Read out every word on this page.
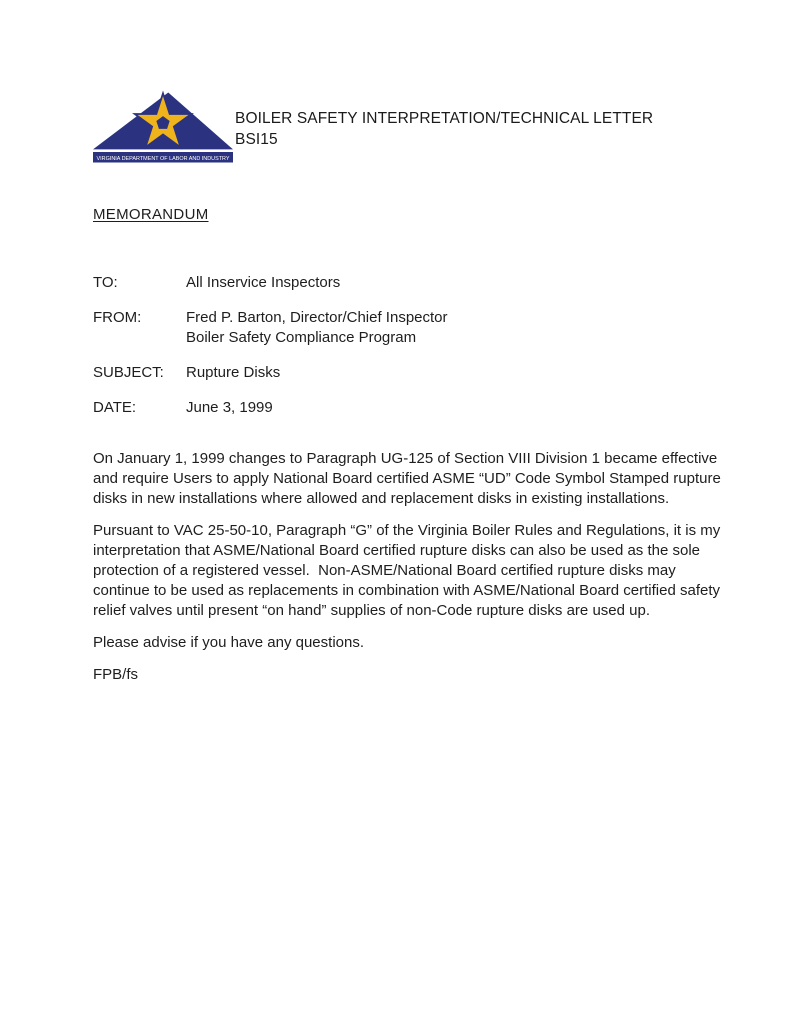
VIRGINIA DEPARTMENT OF LABOR AND INDUSTRY
BOILER SAFETY INTERPRETATION/TECHNICAL LETTER
BSI15
MEMORANDUM
TO:	All Inservice Inspectors
FROM:	Fred P. Barton, Director/Chief Inspector
Boiler Safety Compliance Program
SUBJECT:	Rupture Disks
DATE:	June 3, 1999

On January 1, 1999 changes to Paragraph UG-125 of Section VIII Division 1 became effective and require Users to apply National Board certified ASME “UD” Code Symbol Stamped rupture disks in new installations where allowed and replacement disks in existing installations.

Pursuant to VAC 25-50-10, Paragraph “G” of the Virginia Boiler Rules and Regulations, it is my interpretation that ASME/National Board certified rupture disks can also be used as the sole protection of a registered vessel.  Non-ASME/National Board certified rupture disks may continue to be used as replacements in combination with ASME/National Board certified safety relief valves until present “on hand” supplies of non-Code rupture disks are used up.

Please advise if you have any questions.

FPB/fs
